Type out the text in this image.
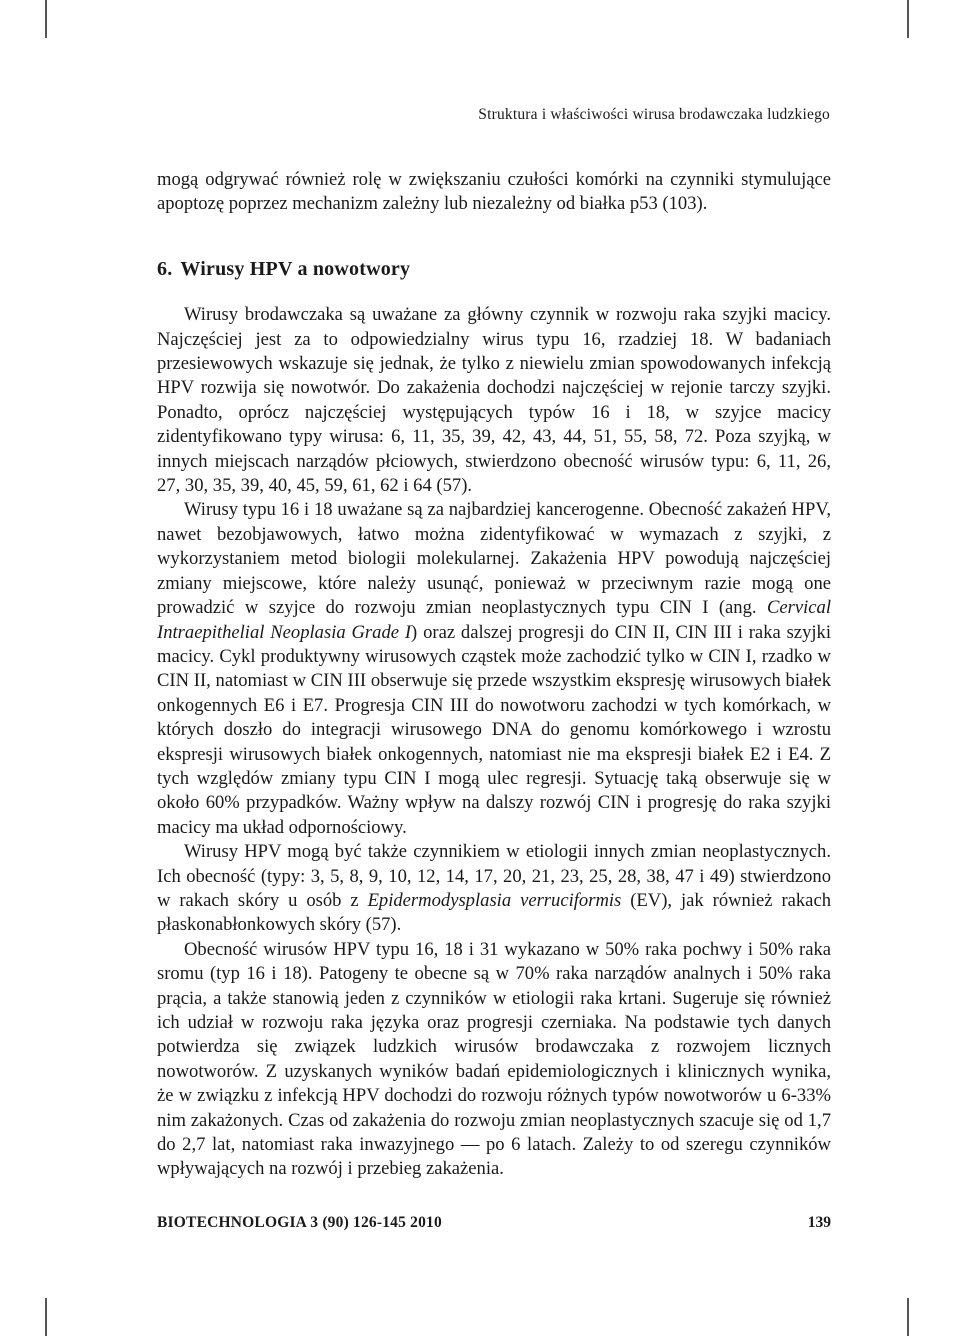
Struktura i właściwości wirusa brodawczaka ludzkiego

mogą odgrywać również rolę w zwiększaniu czułości komórki na czynniki stymulujące apoptozę poprzez mechanizm zależny lub niezależny od białka p53 (103).

6. Wirusy HPV a nowotwory

Wirusy brodawczaka są uważane za główny czynnik w rozwoju raka szyjki macicy. Najczęściej jest za to odpowiedzialny wirus typu 16, rzadziej 18. W badaniach przesiewowych wskazuje się jednak, że tylko z niewielu zmian spowodowanych infekcją HPV rozwija się nowotwór. Do zakażenia dochodzi najczęściej w rejonie tarczy szyjki. Ponadto, oprócz najczęściej występujących typów 16 i 18, w szyjce macicy zidentyfikowano typy wirusa: 6, 11, 35, 39, 42, 43, 44, 51, 55, 58, 72. Poza szyjką, w innych miejscach narządów płciowych, stwierdzono obecność wirusów typu: 6, 11, 26, 27, 30, 35, 39, 40, 45, 59, 61, 62 i 64 (57).

Wirusy typu 16 i 18 uważane są za najbardziej kancerogenne. Obecność zakażeń HPV, nawet bezobjawowych, łatwo można zidentyfikować w wymazach z szyjki, z wykorzystaniem metod biologii molekularnej. Zakażenia HPV powodują najczęściej zmiany miejscowe, które należy usunąć, ponieważ w przeciwnym razie mogą one prowadzić w szyjce do rozwoju zmian neoplastycznych typu CIN I (ang. Cervical Intraepithelial Neoplasia Grade I) oraz dalszej progresji do CIN II, CIN III i raka szyjki macicy. Cykl produktywny wirusowych cząstek może zachodzić tylko w CIN I, rzadko w CIN II, natomiast w CIN III obserwuje się przede wszystkim ekspresję wirusowych białek onkogennych E6 i E7. Progresja CIN III do nowotworu zachodzi w tych komórkach, w których doszło do integracji wirusowego DNA do genomu komórkowego i wzrostu ekspresji wirusowych białek onkogennych, natomiast nie ma ekspresji białek E2 i E4. Z tych względów zmiany typu CIN I mogą ulec regresji. Sytuację taką obserwuje się w około 60% przypadków. Ważny wpływ na dalszy rozwój CIN i progresję do raka szyjki macicy ma układ odpornościowy.

Wirusy HPV mogą być także czynnikiem w etiologii innych zmian neoplastycznych. Ich obecność (typy: 3, 5, 8, 9, 10, 12, 14, 17, 20, 21, 23, 25, 28, 38, 47 i 49) stwierdzono w rakach skóry u osób z Epidermodysplasia verruciformis (EV), jak również rakach płaskonabłonkowych skóry (57).

Obecność wirusów HPV typu 16, 18 i 31 wykazano w 50% raka pochwy i 50% raka sromu (typ 16 i 18). Patogeny te obecne są w 70% raka narządów analnych i 50% raka prącia, a także stanowią jeden z czynników w etiologii raka krtani. Sugeruje się również ich udział w rozwoju raka języka oraz progresji czerniaka. Na podstawie tych danych potwierdza się związek ludzkich wirusów brodawczaka z rozwojem licznych nowotworów. Z uzyskanych wyników badań epidemiologicznych i klinicznych wynika, że w związku z infekcją HPV dochodzi do rozwoju różnych typów nowotworów u 6-33% nim zakażonych. Czas od zakażenia do rozwoju zmian neoplastycznych szacuje się od 1,7 do 2,7 lat, natomiast raka inwazyjnego — po 6 latach. Zależy to od szeregu czynników wpływających na rozwój i przebieg zakażenia.

BIOTECHNOLOGIA 3 (90) 126-145 2010	139
